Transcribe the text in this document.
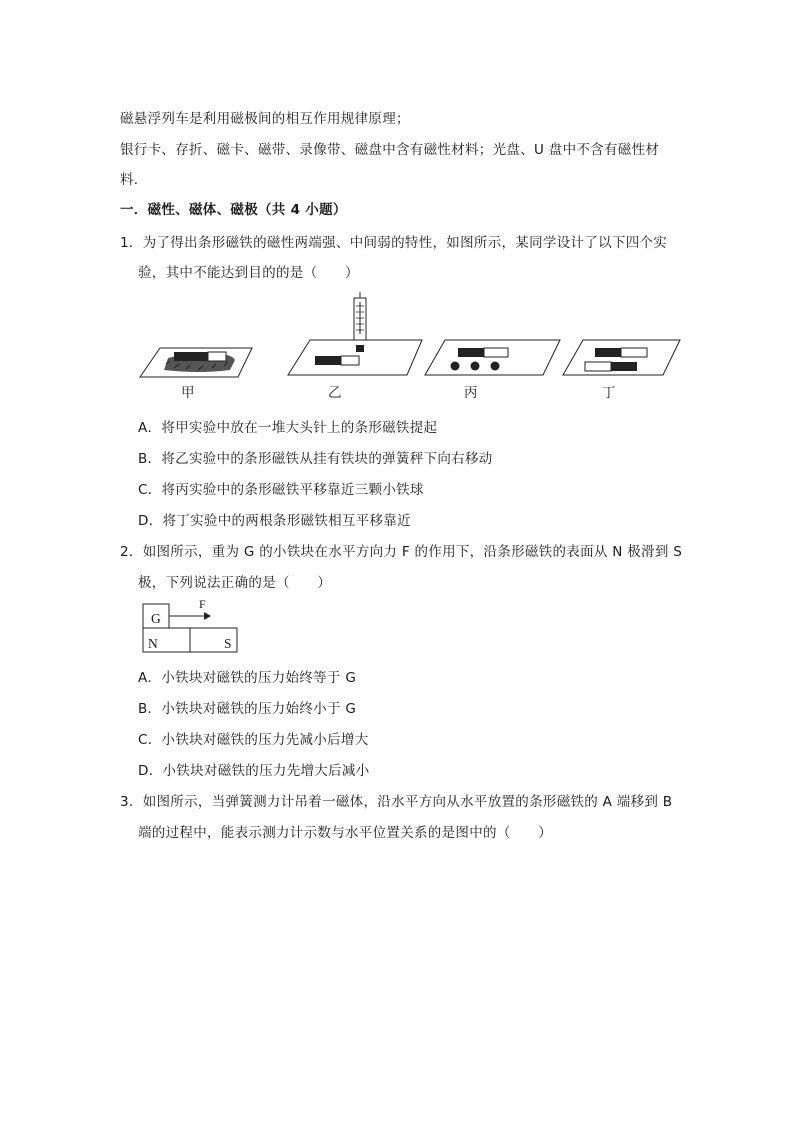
磁悬浮列车是利用磁极间的相互作用规律原理；
银行卡、存折、磁卡、磁带、录像带、磁盘中含有磁性材料；光盘、U 盘中不含有磁性材
料.
一．磁性、磁体、磁极（共 4 小题）
1．为了得出条形磁铁的磁性两端强、中间弱的特性，如图所示，某同学设计了以下四个实
验，其中不能达到目的的是（　　）
甲	乙	丙	丁
A．将甲实验中放在一堆大头针上的条形磁铁提起
B．将乙实验中的条形磁铁从挂有铁块的弹簧秤下向右移动
C．将丙实验中的条形磁铁平移靠近三颗小铁球
D．将丁实验中的两根条形磁铁相互平移靠近
2．如图所示，重为 G 的小铁块在水平方向力 F 的作用下，沿条形磁铁的表面从 N 极滑到 S
极，下列说法正确的是（　　）
G
F
N	S
A．小铁块对磁铁的压力始终等于 G
B．小铁块对磁铁的压力始终小于 G
C．小铁块对磁铁的压力先减小后增大
D．小铁块对磁铁的压力先增大后减小
3．如图所示，当弹簧测力计吊着一磁体，沿水平方向从水平放置的条形磁铁的 A 端移到 B
端的过程中，能表示测力计示数与水平位置关系的是图中的（　　）
